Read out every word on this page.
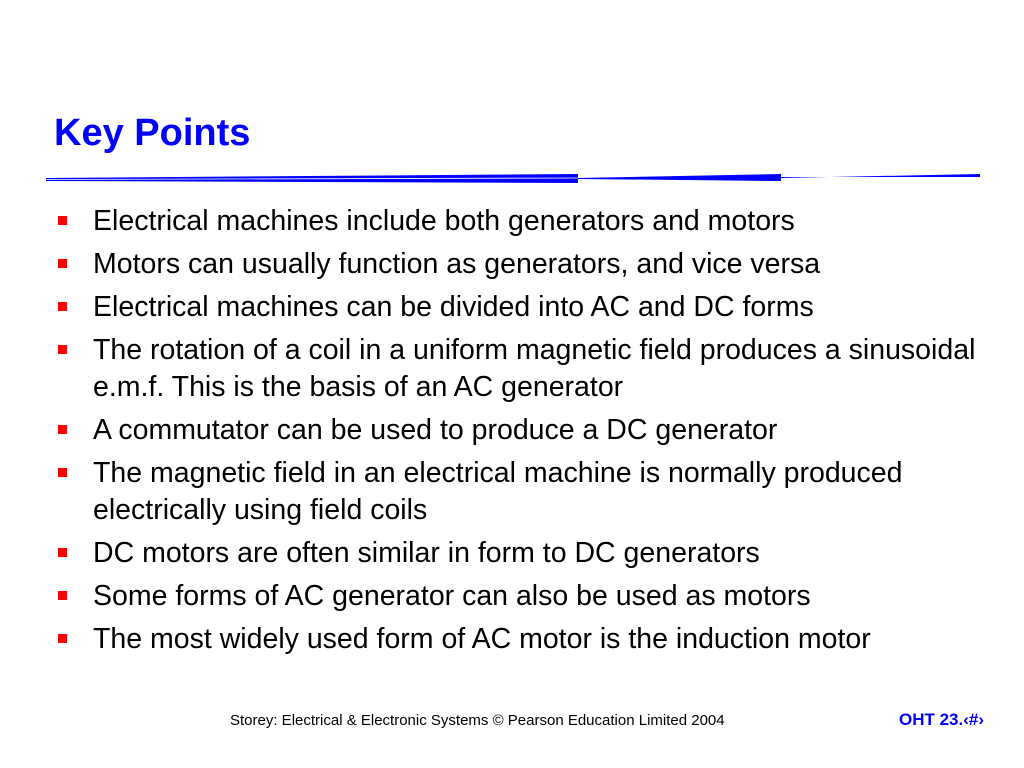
Key Points
Electrical machines include both generators and motors
Motors can usually function as generators, and vice versa
Electrical machines can be divided into AC and DC forms
The rotation of a coil in a uniform magnetic field produces a sinusoidal e.m.f. This is the basis of an AC generator
A commutator can be used to produce a DC generator
The magnetic field in an electrical machine is normally produced electrically using field coils
DC motors are often similar in form to DC generators
Some forms of AC generator can also be used as motors
The most widely used form of AC motor is the induction motor
Storey: Electrical & Electronic Systems © Pearson Education Limited 2004	OHT 23.‹#›
